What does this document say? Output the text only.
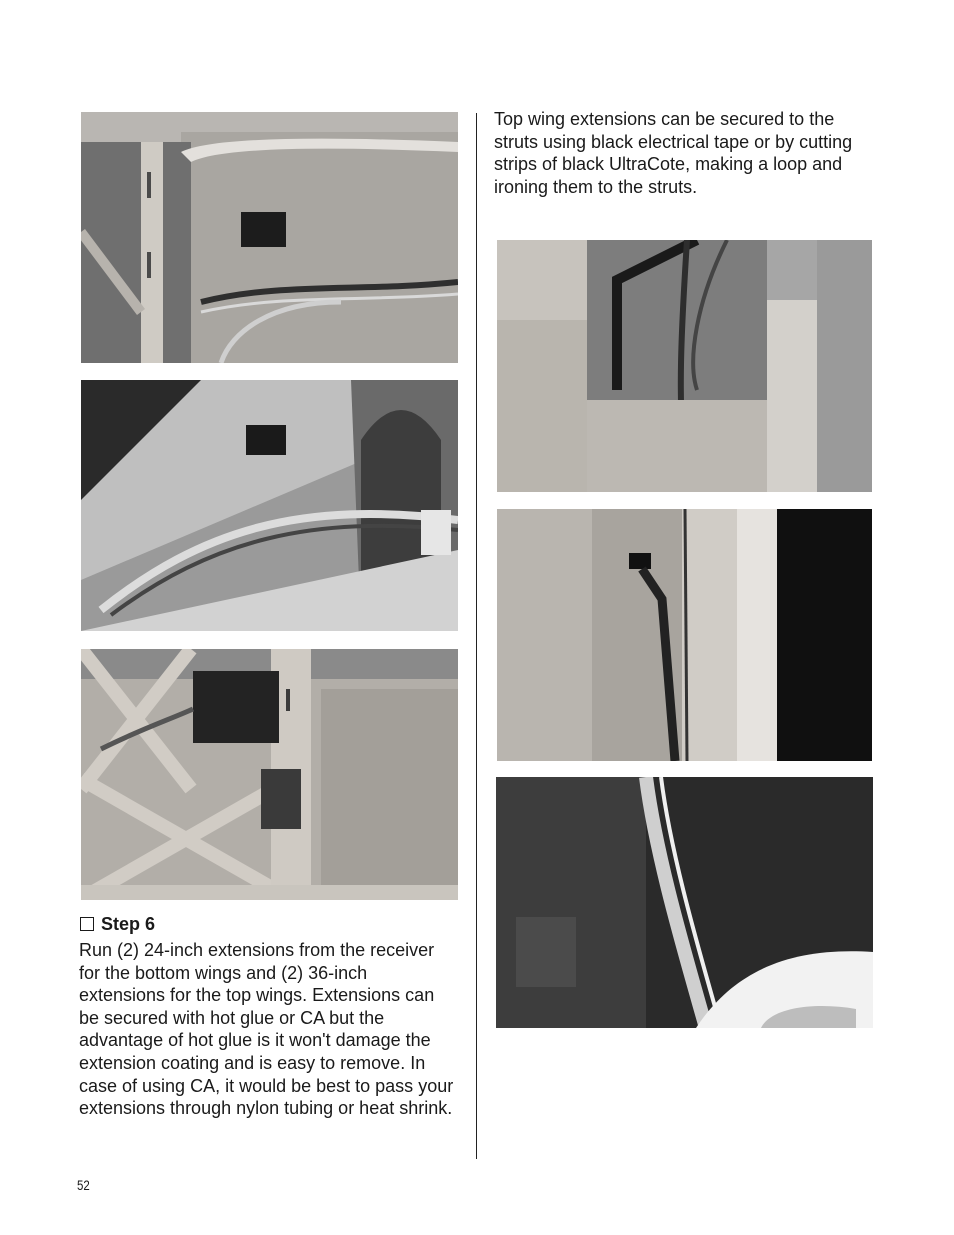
Step 6

Run (2) 24-inch extensions from the receiver for the bottom wings and (2) 36-inch extensions for the top wings. Extensions can be secured with hot glue or CA but the advantage of hot glue is it won't damage the extension coating and is easy to remove. In case of using CA, it would be best to pass your extensions through nylon tubing or heat shrink.

Top wing extensions can be secured to the struts using black electrical tape or by cutting strips of black UltraCote, making a loop and ironing them to the struts.

52
